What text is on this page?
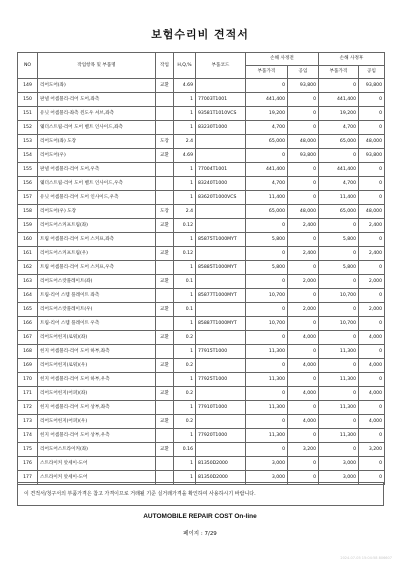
보험수리비 견적서
NO	작업항목 및 부품명	작업	H,Q,%	부품코드	손해 사정전		손해 사정후	
					부품가격	공임	부품가격	공임
149	리어도어(좌)	교환	4.69		0	93,800	0	93,800
150	판넬 어셈블리-리어 도어,좌측		1	77003T1001	441,400	0	441,400	0
151	유닛 어셈블리-좌측 윈도우 셔브,좌측		1	93581T1010VCS	19,200	0	19,200	0
152	웨더스트립-리어 도어 벨트 인사이드,좌측		1	83230T1000	4,700	0	4,700	0
153	리어도어(좌) 도장	도장	2.4		65,000	48,000	65,000	48,000
154	리어도어(우)	교환	4.69		0	93,800	0	93,800
155	판넬 어셈블리-리어 도어,우측		1	77004T1001	441,400	0	441,400	0
156	웨더스트립-리어 도어 벨트 인사이드,우측		1	83240T1000	4,700	0	4,700	0
157	유닛 어셈블리-리어 도어 인사이드,우측		1	83620T1000VCS	11,400	0	11,400	0
158	리어도어(우) 도장	도장	2.4		65,000	48,000	65,000	48,000
159	리어도어스커프트림(좌)	교환	0.12		0	2,400	0	2,400
160	트림 어셈블리-리어 도어 스커프,좌측		1	85875T1000MYT	5,800	0	5,800	0
161	리어도어스커프트림(우)	교환	0.12		0	2,400	0	2,400
162	트림 어셈블리-리어 도어 스커프,우측		1	85885T1000MYT	5,800	0	5,800	0
163	리어도어스캇플레이트(좌)	교환	0.1		0	2,000	0	2,000
164	트림-리어 스텝 플레이트 좌측		1	85877T1000MYT	10,700	0	10,700	0
165	리어도어스캇플레이트(우)	교환	0.1		0	2,000	0	2,000
166	트림-리어 스텝 플레이트 우측		1	85887T1000MYT	10,700	0	10,700	0
167	리어도어힌지(로워)(좌)	교환	0.2		0	4,000	0	4,000
168	힌지 어셈블리-리어 도어 하부,좌측		1	77915T1000	11,300	0	11,300	0
169	리어도어힌지(로워)(우)	교환	0.2		0	4,000	0	4,000
170	힌지 어셈블리-리어 도어 하부,우측		1	77925T1000	11,300	0	11,300	0
171	리어도어힌지(어퍼)(좌)	교환	0.2		0	4,000	0	4,000
172	힌지 어셈블리-리어 도어 상부,좌측		1	77910T1000	11,300	0	11,300	0
173	리어도어힌지(어퍼)(우)	교환	0.2		0	4,000	0	4,000
174	힌지 어셈블리-리어 도어 상부,우측		1	77920T1000	11,300	0	11,300	0
175	리어도어스트라이커(좌)	교환	0.16		0	3,200	0	3,200
176	스트라이커 앗세이-도어		1	81350D2000	3,000	0	3,000	0
177	스트라이커 앗세이-도어		1	81350D2000	3,000	0	3,000	0
이 견적서/청구서의 부품가격은 참고 가격이므로 거래될 기준 실거래가격을 확인하여 사용하시기 바랍니다.
AUTOMOBILE REPAIR COST On-line
페이지 : 7/29
2024-07-05 15:04:58 806607
